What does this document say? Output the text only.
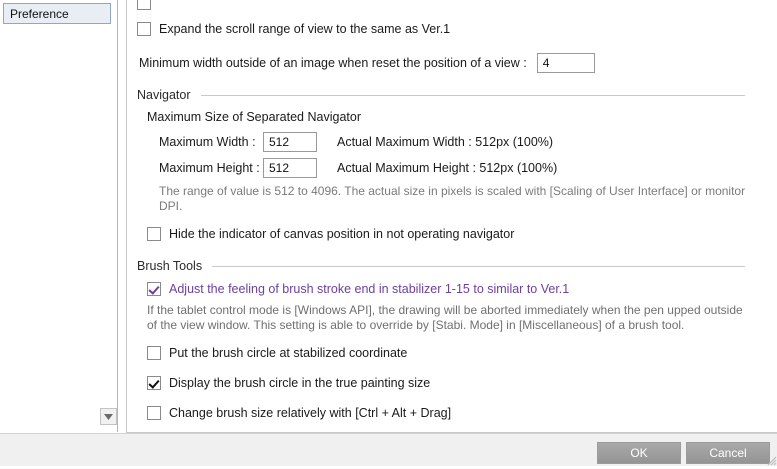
Preference
Expand the scroll range of view to the same as Ver.1
Minimum width outside of an image when reset the position of a view :
4
Navigator
Maximum Size of Separated Navigator
Maximum Width :
512	Actual Maximum Width : 512px (100%)
Maximum Height :
512	Actual Maximum Height : 512px (100%)
The range of value is 512 to 4096. The actual size in pixels is scaled with [Scaling of User Interface] or monitor DPI.
Hide the indicator of canvas position in not operating navigator
Brush Tools
Adjust the feeling of brush stroke end in stabilizer 1-15 to similar to Ver.1
If the tablet control mode is [Windows API], the drawing will be aborted immediately when the pen upped outside of the view window. This setting is able to override by [Stabi. Mode] in [Miscellaneous] of a brush tool.
Put the brush circle at stabilized coordinate
Display the brush circle in the true painting size
Change brush size relatively with [Ctrl + Alt + Drag]
OK	Cancel
